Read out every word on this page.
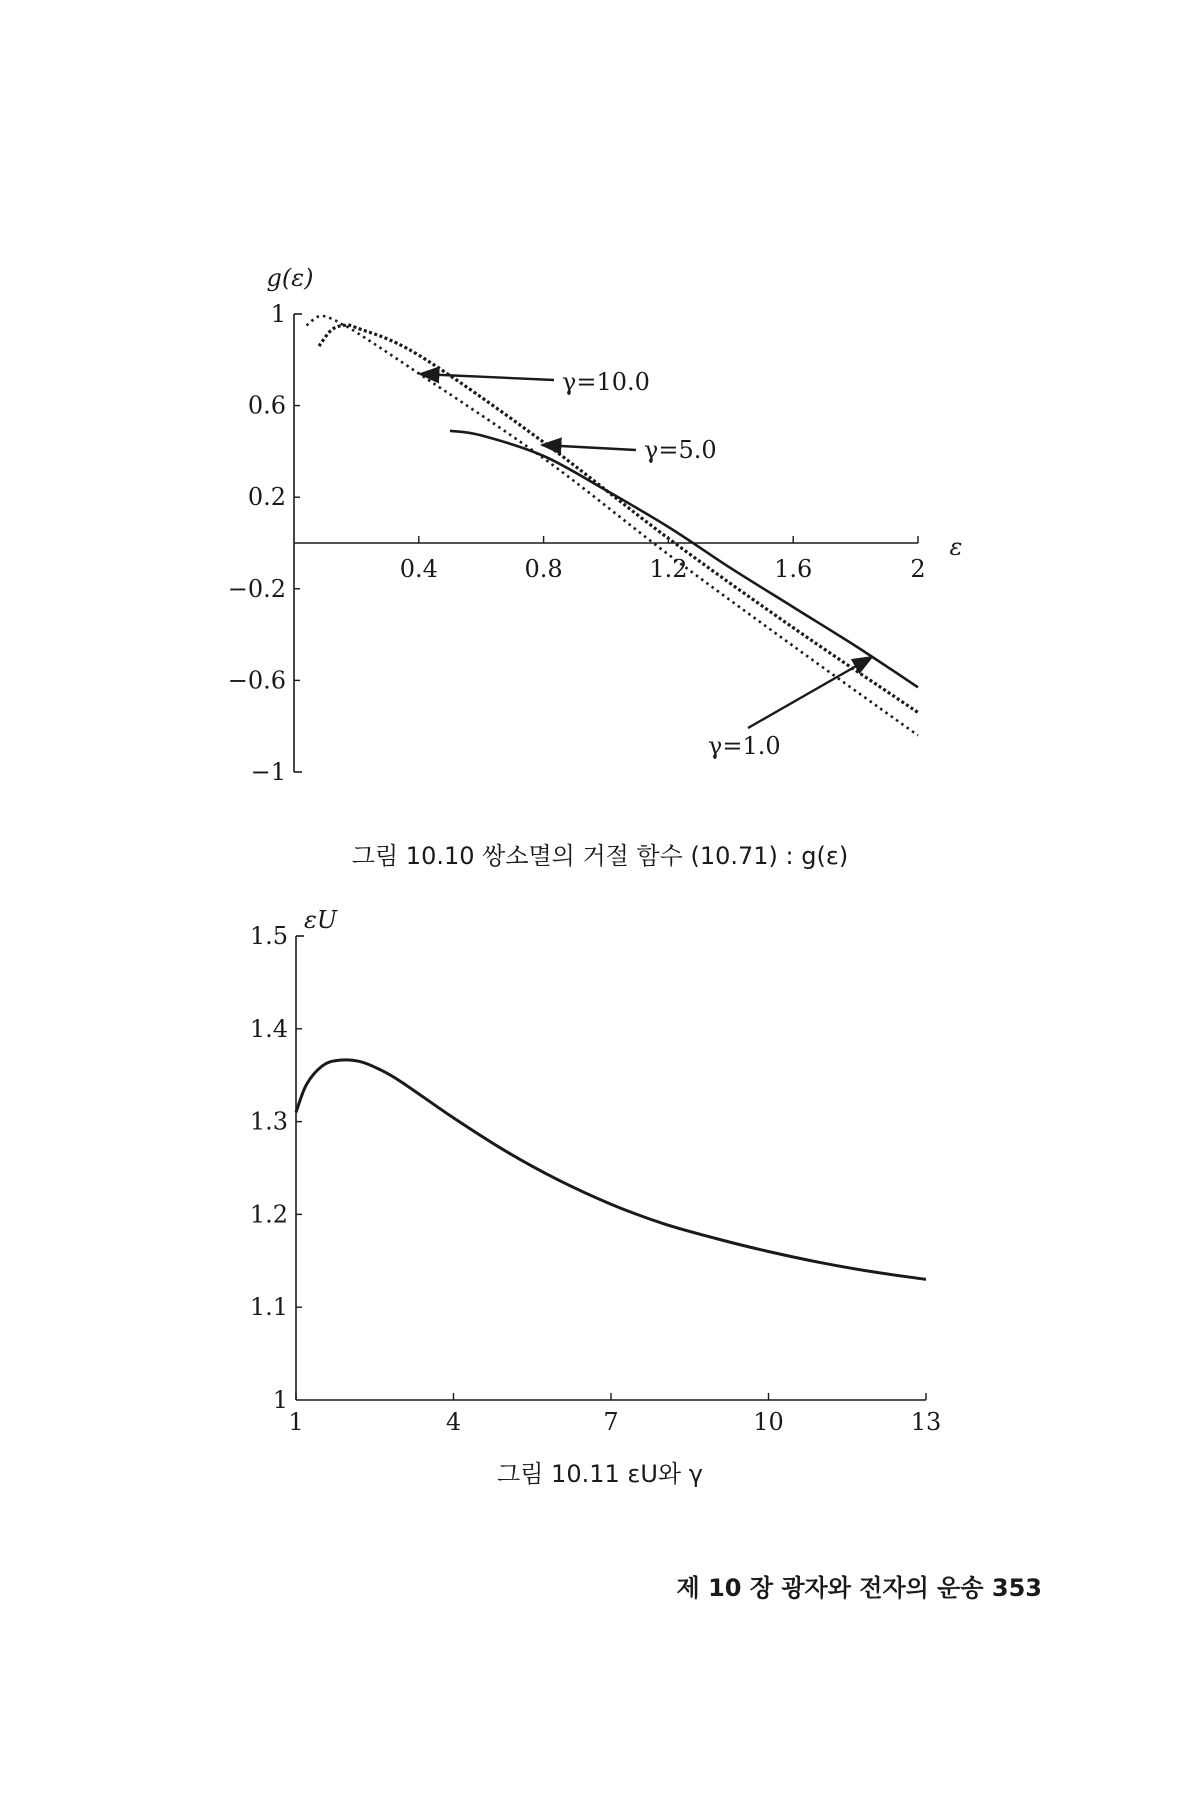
1
0.6
0.2
−0.2
−0.6
−1
0.4	0.8	1.2	1.6	2
g(ε)
ε
γ=10.0
γ=5.0
γ=1.0
1.5
1.4
1.3
1.2
1.1
1
1	4	7	10	13
εU
그림 10.10 쌍소멸의 거절 함수 (10.71) : g(ε)
그림 10.11 εU와 γ
제 10 장 광자와 전자의 운송 353
